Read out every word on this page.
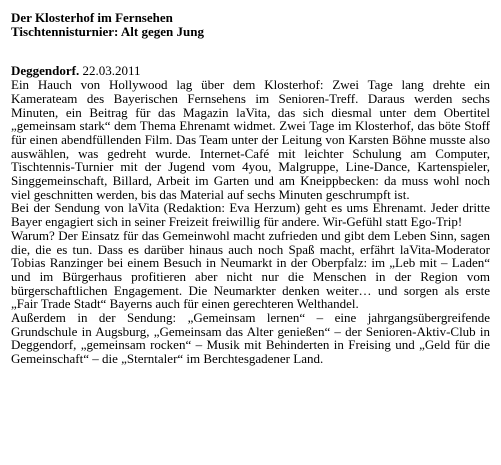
Der Klosterhof im Fernsehen

Tischtennisturnier: Alt gegen Jung

Deggendorf. 22.03.2011

Ein Hauch von Hollywood lag über dem Klosterhof: Zwei Tage lang drehte ein Kamerateam des Bayerischen Fernsehens im Senioren-Treff. Daraus werden sechs Minuten, ein Beitrag für das Magazin laVita, das sich diesmal unter dem Obertitel „gemeinsam stark“ dem Thema Ehrenamt widmet. Zwei Tage im Klosterhof, das böte Stoff für einen abendfüllenden Film. Das Team unter der Leitung von Karsten Böhne musste also auswählen, was gedreht wurde. Internet-Café mit leichter Schulung am Computer, Tischtennis-Turnier mit der Jugend vom 4you, Malgruppe, Line-Dance, Kartenspieler, Singgemeinschaft, Billard, Arbeit im Garten und am Kneippbecken: da muss wohl noch viel geschnitten werden, bis das Material auf sechs Minuten geschrumpft ist.

Bei der Sendung von laVita (Redaktion: Eva Herzum) geht es ums Ehrenamt. Jeder dritte Bayer engagiert sich in seiner Freizeit freiwillig für andere. Wir-Gefühl statt Ego-Trip!

Warum? Der Einsatz für das Gemeinwohl macht zufrieden und gibt dem Leben Sinn, sagen die, die es tun. Dass es darüber hinaus auch noch Spaß macht, erfährt laVita-Moderator Tobias Ranzinger bei einem Besuch in Neumarkt in der Oberpfalz: im „Leb mit – Laden“ und im Bürgerhaus profitieren aber nicht nur die Menschen in der Region vom bürgerschaftlichen Engagement. Die Neumarkter denken weiter… und sorgen als erste „Fair Trade Stadt“ Bayerns auch für einen gerechteren Welthandel.

Außerdem in der Sendung: „Gemeinsam lernen“ – eine jahrgangsübergreifende Grundschule in Augsburg, „Gemeinsam das Alter genießen“ – der Senioren-Aktiv-Club in Deggendorf, „gemeinsam rocken“ – Musik mit Behinderten in Freising und „Geld für die Gemeinschaft“ – die „Sterntaler“ im Berchtesgadener Land.
